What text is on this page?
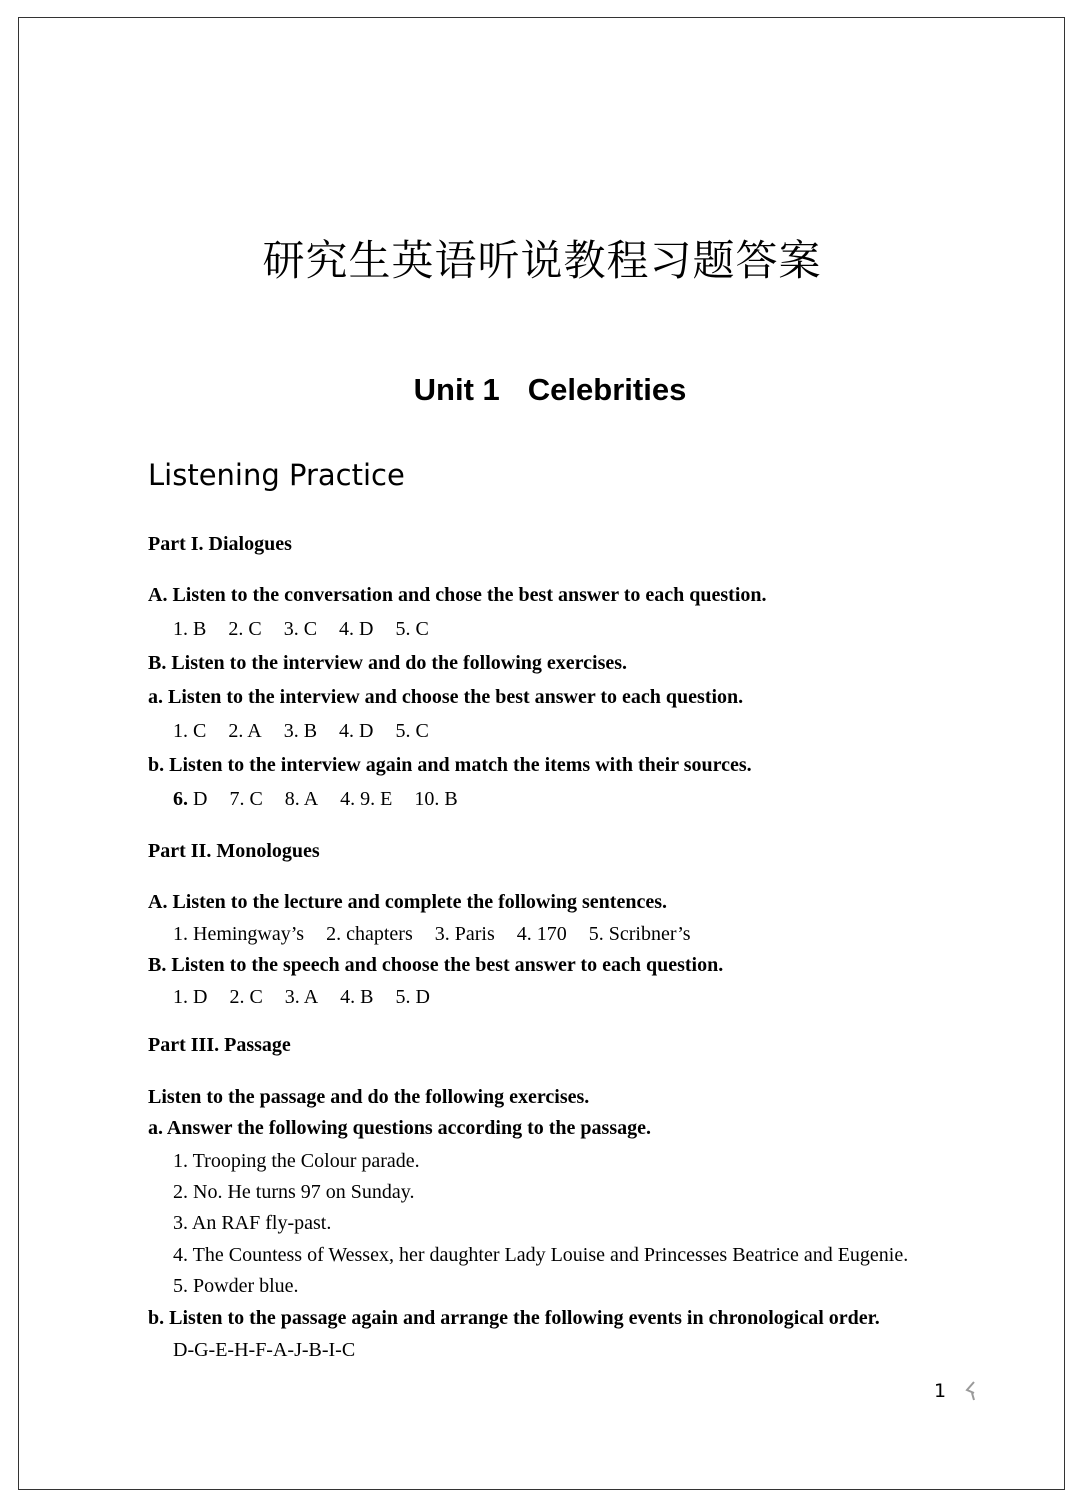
研究生英语听说教程习题答案
Unit 1 Celebrities
Listening Practice
Part I. Dialogues
A. Listen to the conversation and chose the best answer to each question.
1. B 2. C 3. C 4. D 5. C
B. Listen to the interview and do the following exercises.
a. Listen to the interview and choose the best answer to each question.
1. C 2. A 3. B 4. D 5. C
b. Listen to the interview again and match the items with their sources.
6. D 7. C 8. A 4. 9. E 10. B
Part II. Monologues
A. Listen to the lecture and complete the following sentences.
1. Hemingway’s 2. chapters 3. Paris 4. 170 5. Scribner’s
B. Listen to the speech and choose the best answer to each question.
1. D 2. C 3. A 4. B 5. D
Part III. Passage
Listen to the passage and do the following exercises.
a. Answer the following questions according to the passage.
1. Trooping the Colour parade.
2. No. He turns 97 on Sunday.
3. An RAF fly-past.
4. The Countess of Wessex, her daughter Lady Louise and Princesses Beatrice and Eugenie.
5. Powder blue.
b. Listen to the passage again and arrange the following events in chronological order.
D-G-E-H-F-A-J-B-I-C
1
